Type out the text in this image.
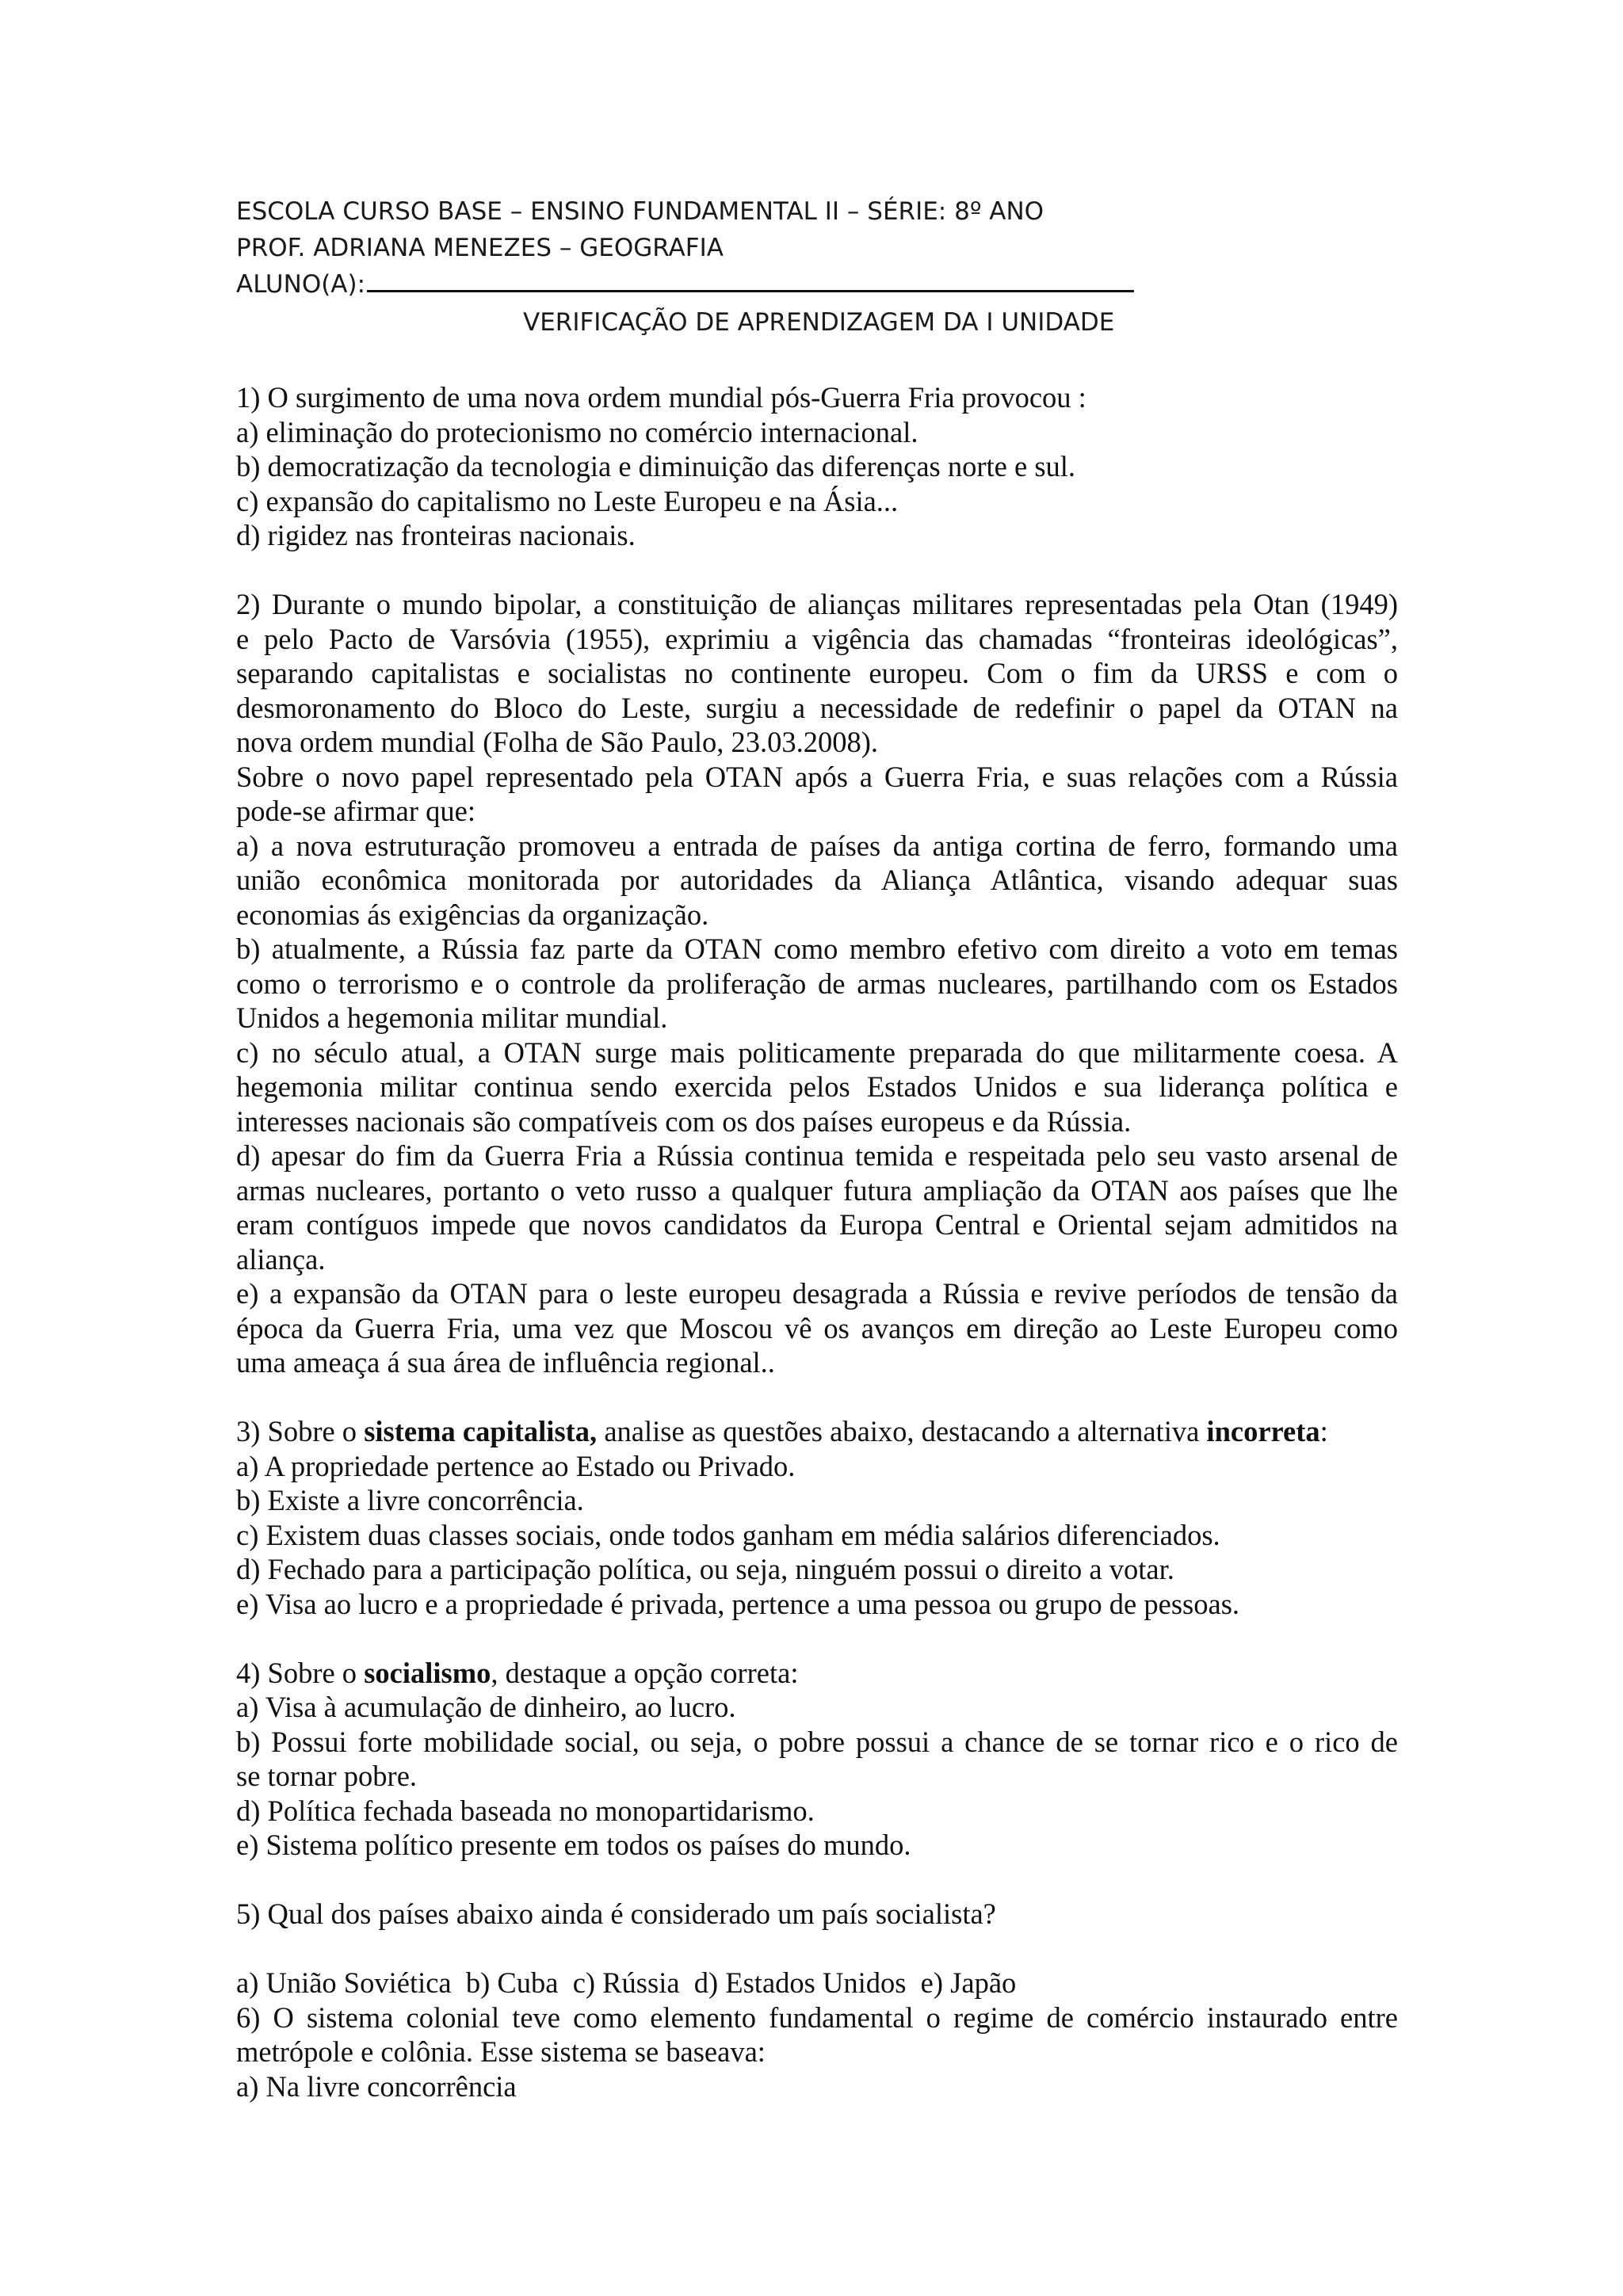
ESCOLA CURSO BASE – ENSINO FUNDAMENTAL II – SÉRIE: 8º ANO
PROF. ADRIANA MENEZES – GEOGRAFIA
ALUNO(A):
VERIFICAÇÃO DE APRENDIZAGEM DA I UNIDADE
1) O surgimento de uma nova ordem mundial pós-Guerra Fria provocou :
a) eliminação do protecionismo no comércio internacional.
b) democratização da tecnologia e diminuição das diferenças norte e sul.
c) expansão do capitalismo no Leste Europeu e na Ásia...
d) rigidez nas fronteiras nacionais.
2) Durante o mundo bipolar, a constituição de alianças militares representadas pela Otan (1949)
e pelo Pacto de Varsóvia (1955), exprimiu a vigência das chamadas “fronteiras ideológicas”,
separando capitalistas e socialistas no continente europeu. Com o fim da URSS e com o
desmoronamento do Bloco do Leste, surgiu a necessidade de redefinir o papel da OTAN na
nova ordem mundial (Folha de São Paulo, 23.03.2008).
Sobre o novo papel representado pela OTAN após a Guerra Fria, e suas relações com a Rússia
pode-se afirmar que:
a) a nova estruturação promoveu a entrada de países da antiga cortina de ferro, formando uma
união econômica monitorada por autoridades da Aliança Atlântica, visando adequar suas
economias ás exigências da organização.
b) atualmente, a Rússia faz parte da OTAN como membro efetivo com direito a voto em temas
como o terrorismo e o controle da proliferação de armas nucleares, partilhando com os Estados
Unidos a hegemonia militar mundial.
c) no século atual, a OTAN surge mais politicamente preparada do que militarmente coesa. A
hegemonia militar continua sendo exercida pelos Estados Unidos e sua liderança política e
interesses nacionais são compatíveis com os dos países europeus e da Rússia.
d) apesar do fim da Guerra Fria a Rússia continua temida e respeitada pelo seu vasto arsenal de
armas nucleares, portanto o veto russo a qualquer futura ampliação da OTAN aos países que lhe
eram contíguos impede que novos candidatos da Europa Central e Oriental sejam admitidos na
aliança.
e) a expansão da OTAN para o leste europeu desagrada a Rússia e revive períodos de tensão da
época da Guerra Fria, uma vez que Moscou vê os avanços em direção ao Leste Europeu como
uma ameaça á sua área de influência regional..
3) Sobre o sistema capitalista, analise as questões abaixo, destacando a alternativa incorreta:
a) A propriedade pertence ao Estado ou Privado.
b) Existe a livre concorrência.
c) Existem duas classes sociais, onde todos ganham em média salários diferenciados.
d) Fechado para a participação política, ou seja, ninguém possui o direito a votar.
e) Visa ao lucro e a propriedade é privada, pertence a uma pessoa ou grupo de pessoas.
4) Sobre o socialismo, destaque a opção correta:
a) Visa à acumulação de dinheiro, ao lucro.
b) Possui forte mobilidade social, ou seja, o pobre possui a chance de se tornar rico e o rico de
se tornar pobre.
d) Política fechada baseada no monopartidarismo.
e) Sistema político presente em todos os países do mundo.
5) Qual dos países abaixo ainda é considerado um país socialista?
a) União Soviética  b) Cuba  c) Rússia  d) Estados Unidos  e) Japão
6) O sistema colonial teve como elemento fundamental o regime de comércio instaurado entre
metrópole e colônia. Esse sistema se baseava:
a) Na livre concorrência
